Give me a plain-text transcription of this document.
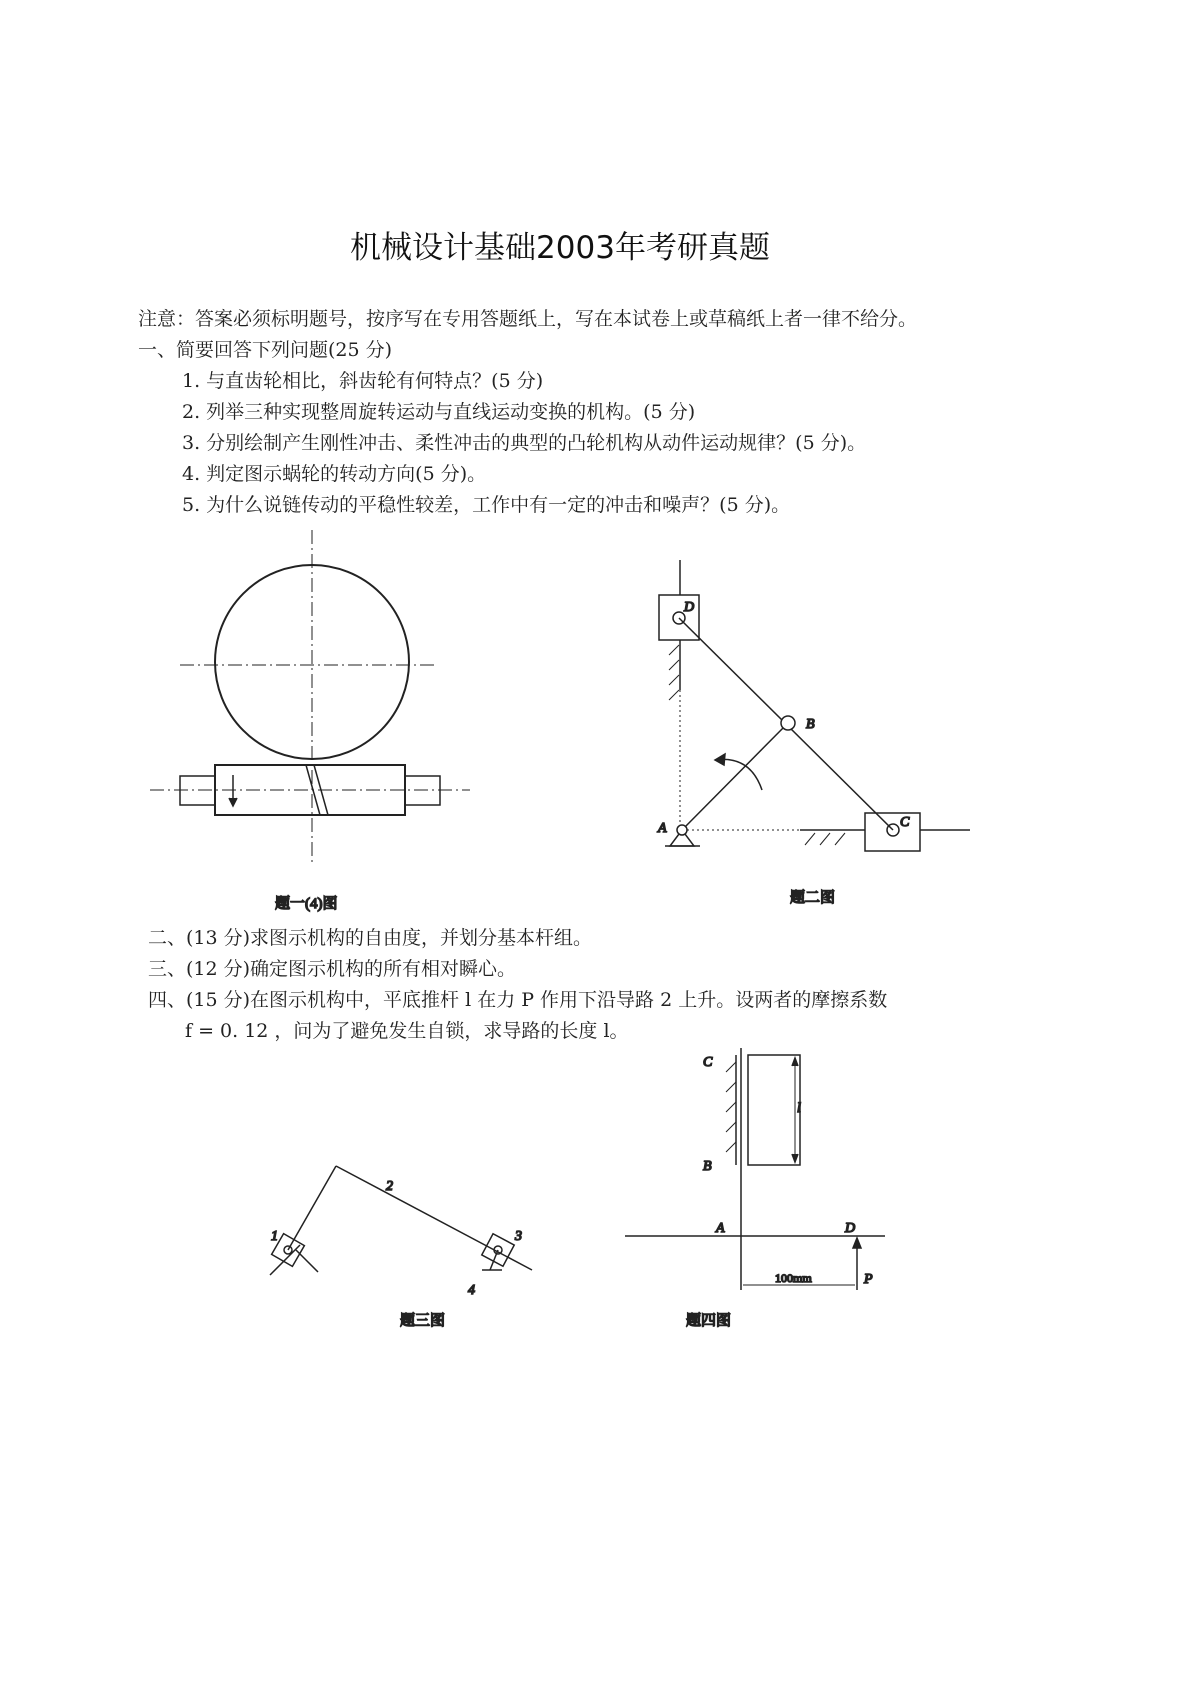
机械设计基础2003年考研真题
注意：答案必须标明题号，按序写在专用答题纸上，写在本试卷上或草稿纸上者一律不给分。
一、简要回答下列问题(25 分)
1. 与直齿轮相比，斜齿轮有何特点？(5 分)
2. 列举三种实现整周旋转运动与直线运动变换的机构。(5 分)
3. 分别绘制产生刚性冲击、柔性冲击的典型的凸轮机构从动件运动规律？(5 分)。
4. 判定图示蜗轮的转动方向(5 分)。
5. 为什么说链传动的平稳性较差，工作中有一定的冲击和噪声？(5 分)。
二、(13 分)求图示机构的自由度，并划分基本杆组。
三、(12 分)确定图示机构的所有相对瞬心。
四、(15 分)在图示机构中，平底推杆 l 在力 P 作用下沿导路 2 上升。设两者的摩擦系数
f = 0. 12 ，问为了避免发生自锁，求导路的长度 l。
题一(4)图
D
B
A	C
题二图
1
2
3
4
题三图
C
B
A	D
l
100mm	P
题四图
